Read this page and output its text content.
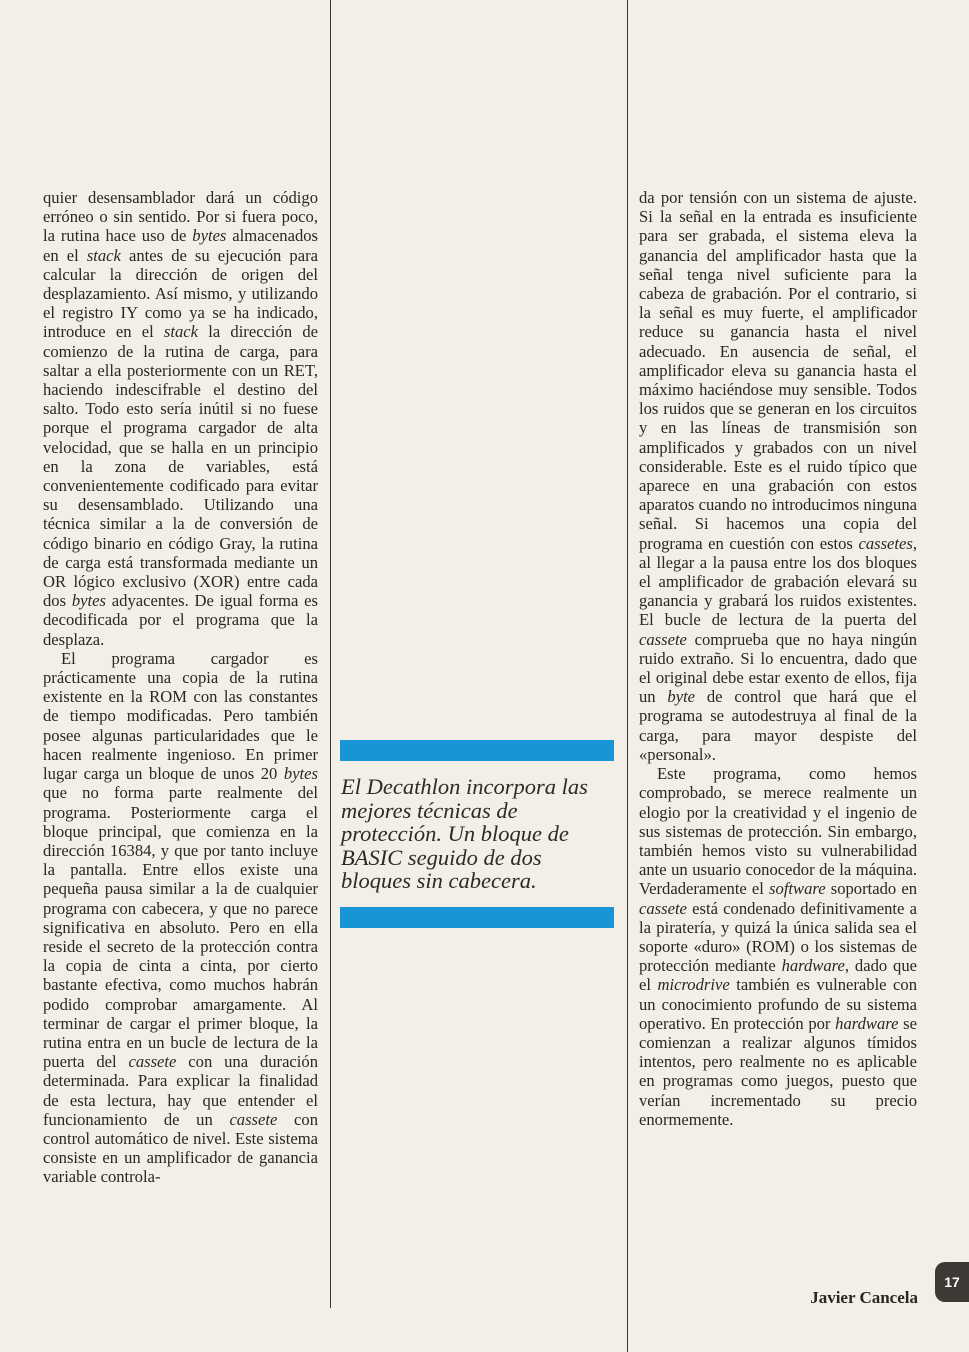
quier desensamblador dará un código erróneo o sin sentido. Por si fuera poco, la rutina hace uso de bytes almacenados en el stack antes de su ejecución para calcular la dirección de origen del desplazamiento. Así mismo, y utilizando el registro IY como ya se ha indicado, introduce en el stack la dirección de comienzo de la rutina de carga, para saltar a ella posteriormente con un RET, haciendo indescifrable el destino del salto. Todo esto sería inútil si no fuese porque el programa cargador de alta velocidad, que se halla en un principio en la zona de variables, está convenientemente codificado para evitar su desensamblado. Utilizando una técnica similar a la de conversión de código binario en código Gray, la rutina de carga está transformada mediante un OR lógico exclusivo (XOR) entre cada dos bytes adyacentes. De igual forma es decodificada por el programa que la desplaza.

El programa cargador es prácticamente una copia de la rutina existente en la ROM con las constantes de tiempo modificadas. Pero también posee algunas particularidades que le hacen realmente ingenioso. En primer lugar carga un bloque de unos 20 bytes que no forma parte realmente del programa. Posteriormente carga el bloque principal, que comienza en la dirección 16384, y que por tanto incluye la pantalla. Entre ellos existe una pequeña pausa similar a la de cualquier programa con cabecera, y que no parece significativa en absoluto. Pero en ella reside el secreto de la protección contra la copia de cinta a cinta, por cierto bastante efectiva, como muchos habrán podido comprobar amargamente. Al terminar de cargar el primer bloque, la rutina entra en un bucle de lectura de la puerta del cassete con una duración determinada. Para explicar la finalidad de esta lectura, hay que entender el funcionamiento de un cassete con control automático de nivel. Este sistema consiste en un amplificador de ganancia variable controla-

El Decathlon incorpora las mejores técnicas de protección. Un bloque de BASIC seguido de dos bloques sin cabecera.

da por tensión con un sistema de ajuste. Si la señal en la entrada es insuficiente para ser grabada, el sistema eleva la ganancia del amplificador hasta que la señal tenga nivel suficiente para la cabeza de grabación. Por el contrario, si la señal es muy fuerte, el amplificador reduce su ganancia hasta el nivel adecuado. En ausencia de señal, el amplificador eleva su ganancia hasta el máximo haciéndose muy sensible. Todos los ruidos que se generan en los circuitos y en las líneas de transmisión son amplificados y grabados con un nivel considerable. Este es el ruido típico que aparece en una grabación con estos aparatos cuando no introducimos ninguna señal. Si hacemos una copia del programa en cuestión con estos cassetes, al llegar a la pausa entre los dos bloques el amplificador de grabación elevará su ganancia y grabará los ruidos existentes. El bucle de lectura de la puerta del cassete comprueba que no haya ningún ruido extraño. Si lo encuentra, dado que el original debe estar exento de ellos, fija un byte de control que hará que el programa se autodestruya al final de la carga, para mayor despiste del «personal».

Este programa, como hemos comprobado, se merece realmente un elogio por la creatividad y el ingenio de sus sistemas de protección. Sin embargo, también hemos visto su vulnerabilidad ante un usuario conocedor de la máquina. Verdaderamente el software soportado en cassete está condenado definitivamente a la piratería, y quizá la única salida sea el soporte «duro» (ROM) o los sistemas de protección mediante hardware, dado que el microdrive también es vulnerable con un conocimiento profundo de su sistema operativo. En protección por hardware se comienzan a realizar algunos tímidos intentos, pero realmente no es aplicable en programas como juegos, puesto que verían incrementado su precio enormemente.

Javier Cancela
17
